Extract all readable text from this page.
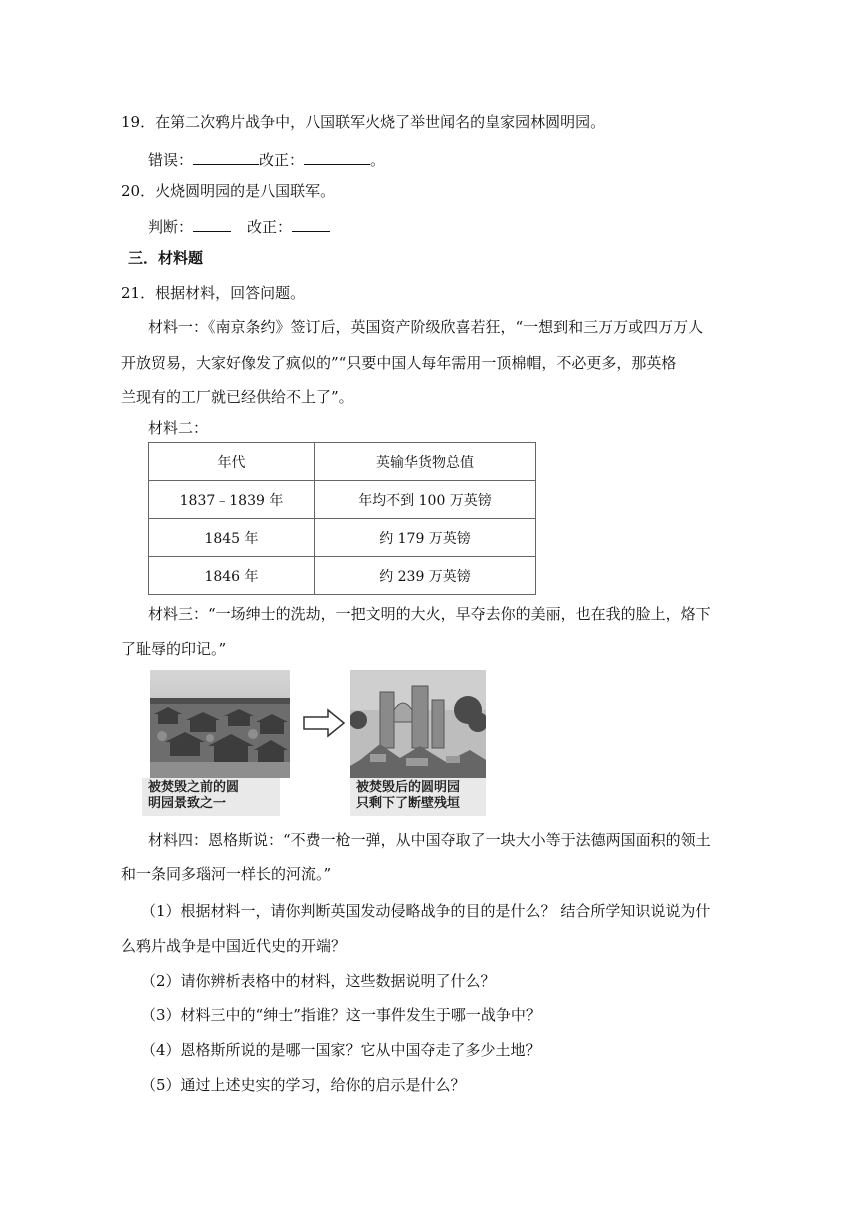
19．在第二次鸦片战争中，八国联军火烧了举世闻名的皇家园林圆明园。
错误：	改正：	。
20．火烧圆明园的是八国联军。
判断：	改正：
三．材料题
21．根据材料，回答问题。
材料一：《南京条约》签订后，英国资产阶级欣喜若狂，“一想到和三万万或四万万人
开放贸易，大家好像发了疯似的”“只要中国人每年需用一顶棉帽，不必更多，那英格
兰现有的工厂就已经供给不上了”。
材料二：
年代	英输华货物总值
1837﹣1839 年	年均不到 100 万英镑
1845 年	约 179 万英镑
1846 年	约 239 万英镑
材料三：“一场绅士的洗劫，一把文明的大火，早夺去你的美丽，也在我的脸上，烙下
了耻辱的印记。”
被焚毁之前的圆
明园景致之一
被焚毁后的圆明园
只剩下了断壁残垣
材料四：恩格斯说：“不费一枪一弹，从中国夺取了一块大小等于法德两国面积的领土
和一条同多瑙河一样长的河流。”
（1）根据材料一，请你判断英国发动侵略战争的目的是什么？ 结合所学知识说说为什
么鸦片战争是中国近代史的开端？
（2）请你辨析表格中的材料，这些数据说明了什么？
（3）材料三中的“绅士”指谁？这一事件发生于哪一战争中？
（4）恩格斯所说的是哪一国家？它从中国夺走了多少土地？
（5）通过上述史实的学习，给你的启示是什么？
